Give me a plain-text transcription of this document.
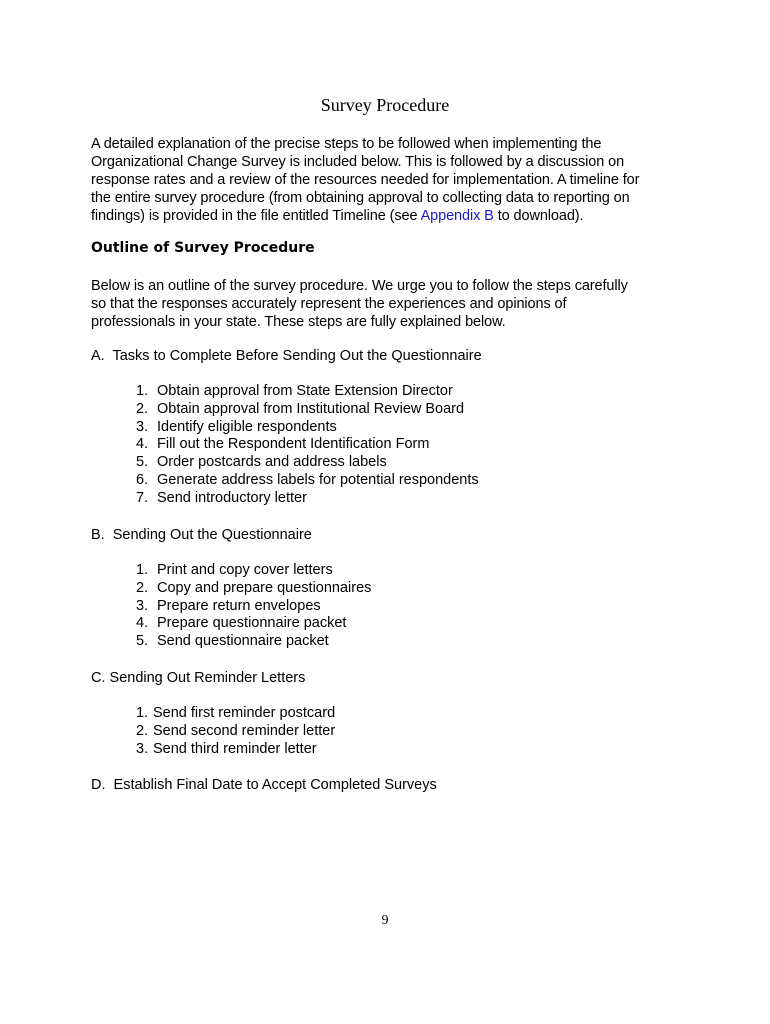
Survey Procedure
A detailed explanation of the precise steps to be followed when implementing the
Organizational Change Survey is included below. This is followed by a discussion on
response rates and a review of the resources needed for implementation. A timeline for
the entire survey procedure (from obtaining approval to collecting data to reporting on
findings) is provided in the file entitled Timeline (see Appendix B to download).
Outline of Survey Procedure
Below is an outline of the survey procedure. We urge you to follow the steps carefully
so that the responses accurately represent the experiences and opinions of
professionals in your state. These steps are fully explained below.
A.  Tasks to Complete Before Sending Out the Questionnaire
1. Obtain approval from State Extension Director
2. Obtain approval from Institutional Review Board
3. Identify eligible respondents
4. Fill out the Respondent Identification Form
5. Order postcards and address labels
6. Generate address labels for potential respondents
7. Send introductory letter
B.  Sending Out the Questionnaire
1. Print and copy cover letters
2. Copy and prepare questionnaires
3. Prepare return envelopes
4. Prepare questionnaire packet
5. Send questionnaire packet
C. Sending Out Reminder Letters
1. Send first reminder postcard
2. Send second reminder letter
3. Send third reminder letter
D.  Establish Final Date to Accept Completed Surveys
9
